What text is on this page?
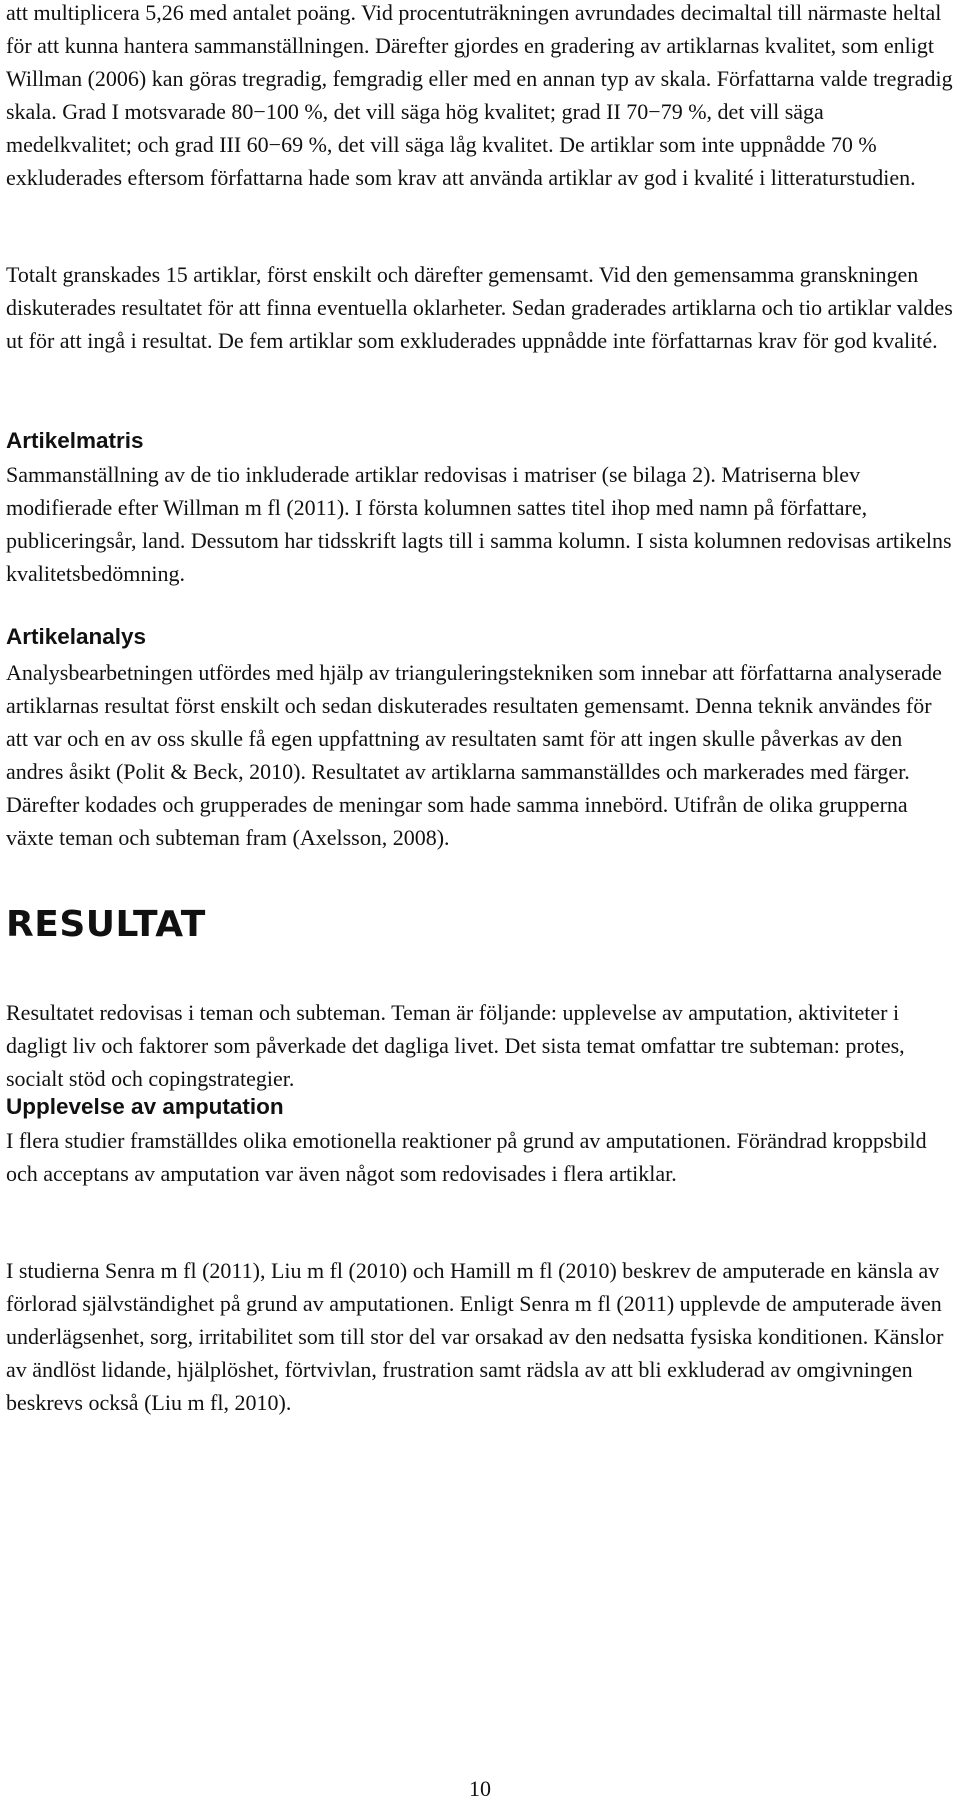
att multiplicera 5,26 med antalet poäng. Vid procentuträkningen avrundades decimaltal till närmaste heltal för att kunna hantera sammanställningen. Därefter gjordes en gradering av artiklarnas kvalitet, som enligt Willman (2006) kan göras tregradig, femgradig eller med en annan typ av skala. Författarna valde tregradig skala. Grad I motsvarade 80−100 %, det vill säga hög kvalitet; grad II 70−79 %, det vill säga medelkvalitet; och grad III 60−69 %, det vill säga låg kvalitet. De artiklar som inte uppnådde 70 % exkluderades eftersom författarna hade som krav att använda artiklar av god i kvalité i litteraturstudien.

Totalt granskades 15 artiklar, först enskilt och därefter gemensamt. Vid den gemensamma granskningen diskuterades resultatet för att finna eventuella oklarheter. Sedan graderades artiklarna och tio artiklar valdes ut för att ingå i resultat. De fem artiklar som exkluderades uppnådde inte författarnas krav för god kvalité.

Artikelmatris

Sammanställning av de tio inkluderade artiklar redovisas i matriser (se bilaga 2). Matriserna blev modifierade efter Willman m fl (2011). I första kolumnen sattes titel ihop med namn på författare, publiceringsår, land. Dessutom har tidsskrift lagts till i samma kolumn. I sista kolumnen redovisas artikelns kvalitetsbedömning.

Artikelanalys

Analysbearbetningen utfördes med hjälp av trianguleringstekniken som innebar att författarna analyserade artiklarnas resultat först enskilt och sedan diskuterades resultaten gemensamt. Denna teknik användes för att var och en av oss skulle få egen uppfattning av resultaten samt för att ingen skulle påverkas av den andres åsikt (Polit & Beck, 2010). Resultatet av artiklarna sammanställdes och markerades med färger. Därefter kodades och grupperades de meningar som hade samma innebörd. Utifrån de olika grupperna växte teman och subteman fram (Axelsson, 2008).

RESULTAT

Resultatet redovisas i teman och subteman. Teman är följande: upplevelse av amputation, aktiviteter i dagligt liv och faktorer som påverkade det dagliga livet. Det sista temat omfattar tre subteman: protes, socialt stöd och copingstrategier.

Upplevelse av amputation

I flera studier framställdes olika emotionella reaktioner på grund av amputationen. Förändrad kroppsbild och acceptans av amputation var även något som redovisades i flera artiklar.

I studierna Senra m fl (2011), Liu m fl (2010) och Hamill m fl (2010) beskrev de amputerade en känsla av förlorad självständighet på grund av amputationen. Enligt Senra m fl (2011) upplevde de amputerade även underlägsenhet, sorg, irritabilitet som till stor del var orsakad av den nedsatta fysiska konditionen. Känslor av ändlöst lidande, hjälplöshet, förtvivlan, frustration samt rädsla av att bli exkluderad av omgivningen beskrevs också (Liu m fl, 2010).

10
